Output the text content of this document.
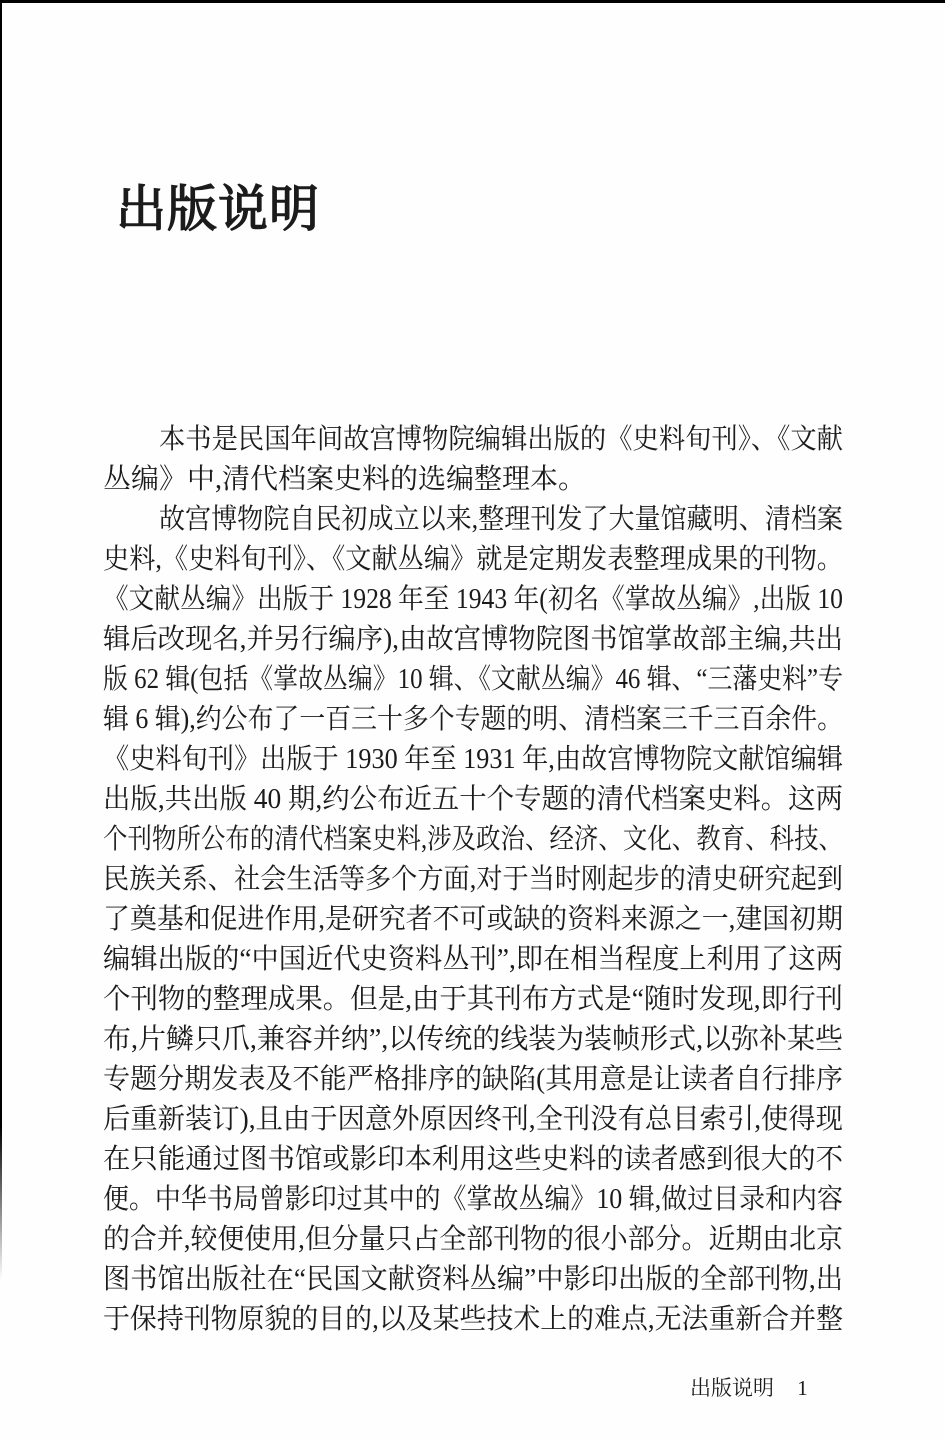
出版说明
本书是民国年间故宫博物院编辑出版的《史料旬刊》、《文献
丛编》中,清代档案史料的选编整理本。
故宫博物院自民初成立以来,整理刊发了大量馆藏明、清档案
史料,《史料旬刊》、《文献丛编》就是定期发表整理成果的刊物。
《文献丛编》出版于 1928 年至 1943 年(初名《掌故丛编》,出版 10
辑后改现名,并另行编序),由故宫博物院图书馆掌故部主编,共出
版 62 辑(包括《掌故丛编》10 辑、《文献丛编》46 辑、“三藩史料”专
辑 6 辑),约公布了一百三十多个专题的明、清档案三千三百余件。
《史料旬刊》出版于 1930 年至 1931 年,由故宫博物院文献馆编辑
出版,共出版 40 期,约公布近五十个专题的清代档案史料。这两
个刊物所公布的清代档案史料,涉及政治、经济、文化、教育、科技、
民族关系、社会生活等多个方面,对于当时刚起步的清史研究起到
了奠基和促进作用,是研究者不可或缺的资料来源之一,建国初期
编辑出版的“中国近代史资料丛刊”,即在相当程度上利用了这两
个刊物的整理成果。但是,由于其刊布方式是“随时发现,即行刊
布,片鳞只爪,兼容并纳”,以传统的线装为装帧形式,以弥补某些
专题分期发表及不能严格排序的缺陷(其用意是让读者自行排序
后重新装订),且由于因意外原因终刊,全刊没有总目索引,使得现
在只能通过图书馆或影印本利用这些史料的读者感到很大的不
便。中华书局曾影印过其中的《掌故丛编》10 辑,做过目录和内容
的合并,较便使用,但分量只占全部刊物的很小部分。近期由北京
图书馆出版社在“民国文献资料丛编”中影印出版的全部刊物,出
于保持刊物原貌的目的,以及某些技术上的难点,无法重新合并整
出版说明 1
